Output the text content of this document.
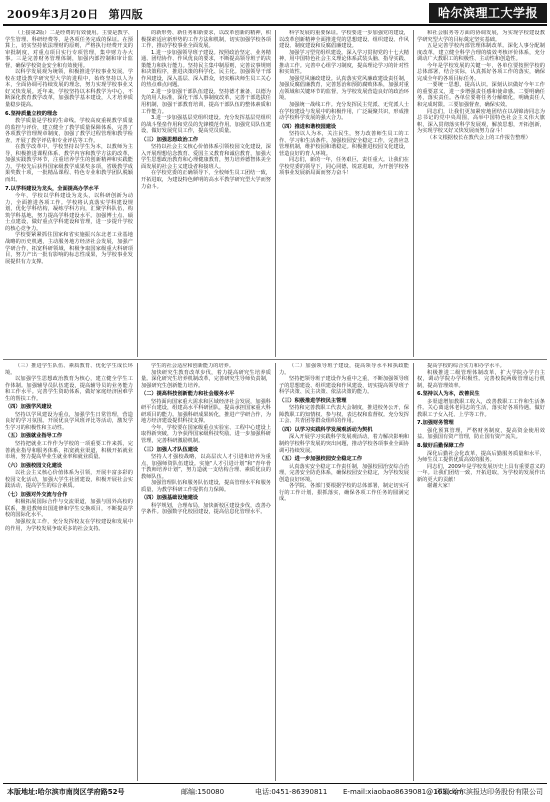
2009年3月20日 第四版	哈尔滨理工大学报

（上接第2版）二是经费的有效使用。主要是教学、学生管理、科研经费等，是各项任务完成的保证。在预算上，切实坚持依法理财的原则，严格执行经费开支的审批制度，对重点项目实行专项管理，集中财力办大事。三是完善财务管理体制，加强内部控制和审计监督，确保学校资金安全和有效使用。

以科学发展观为统领，积极推进学校事业发展。学校在建设教学研究型大学的进程中，始终坚持以人为本，全面协调可持续发展的理念，努力实现学校事业又好又快发展。近年来，学校坚持以本科教学为中心，不断深化教育教学改革，加强教学基本建设，人才培养质量稳步提高。

6.坚持质量立校的理念

教学质量是学校的生命线。学校高度重视教学质量的监控与评价，建立健全了教学质量保障体系，完善了各项教学管理规章制度，加强了教学过程管理和教学检查，开展了教学评估和专业评估等工作。

在教学改革中，学校坚持以学生为本，以教师为主导，积极推进课程体系、教学内容和教学方法的改革，加强实践教学环节，注重培养学生的创新精神和实践能力。学校先后获得国家级教学成果奖多项，省级教学成果奖数十项，一批精品课程、特色专业和教学团队脱颖而出。

7.以学科建设为龙头，全面提高办学水平

今年，学校以学科建设为龙头，以科研创新为动力，全面推进各项工作。学校将认真落实学科建设规划，优化学科结构，凝练学科方向，汇聚学科队伍，构筑学科基地，努力提高学科建设水平。加强博士点、硕士点建设，做好重点学科建设和管理，进一步提升学校的核心竞争力。

学校要紧紧抓住国家和省实施振兴东北老工业基地战略的历史机遇，主动服务地方经济社会发展，加强产学研合作，拓宽科研领域，积极争取国家级重大科研项目，努力产出一批有影响的标志性成果，为学校事业发展提供有力支撑。

的新形势、新任务和新要求，以改革创新的精神，积极探索适应新形势的工作方法和机制，切实加强学校各项工作，推动学校事业全面发展。

1.进一步加强领导班子建设。按照政治坚定、业务精通、团结协作、作风优良的要求，不断提高领导班子的决策能力和执行能力。坚持民主集中制原则，完善议事规则和决策程序，推进决策的科学化、民主化。加强领导干部作风建设，深入基层、深入群众，切实解决师生员工关心的热点难点问题。

2.进一步加强干部队伍建设。坚持德才兼备、以德为先的用人标准，深化干部人事制度改革，完善干部选拔任用机制，加强干部教育培训，提高干部队伍的整体素质和工作能力。

3.进一步加强基层党组织建设。充分发挥基层党组织的战斗堡垒作用和党员的先锋模范作用。加强党员队伍建设，做好发展党员工作，提高党员质量。

（三）加强思想政治工作

坚持以社会主义核心价值体系引领校园文化建设，深入开展理想信念教育、爱国主义教育和诚信教育，加强大学生思想政治教育和心理健康教育，努力培养德智体美全面发展的社会主义建设者和接班人。

在学校党委的正确领导下，全校师生员工团结一致，开拓进取，为建设特色鲜明的高水平教学研究型大学而努力奋斗。

科学发展的重要保证。学校要进一步加强党的建设，以改革创新精神全面推进党的思想建设、组织建设、作风建设、制度建设和反腐倡廉建设。

加强学习型党组织建设。深入学习贯彻党的十七大精神，用中国特色社会主义理论体系武装头脑、指导实践、推动工作。完善中心组学习制度，提高理论学习的针对性和实效性。

加强党风廉政建设。认真落实党风廉政建设责任制，加强反腐倡廉教育，完善惩治和预防腐败体系，加强对重点领域和关键环节的监督，为学校发展营造良好的政治环境。

加强统一战线工作。充分发挥民主党派、无党派人士在学校建设与发展中的积极作用，广泛凝聚共识，形成推动学校科学发展的强大合力。

（四）推进和谐校园建设

坚持以人为本，关注民生，努力改善师生员工的工作、学习和生活条件。加强校园安全稳定工作，完善应急管理机制，维护校园和谐稳定。积极推进校园文化建设，营造良好的育人环境。

同志们，新的一年，任务艰巨，责任重大。让我们在学校党委的领导下，同心同德，锐意进取，为开创学校各项事业发展新局面而努力奋斗！

和社会服务等方面的协调发展，为实现学校建设教学研究型大学的目标奠定坚实基础。

五是完善学校内部管理体制改革。深化人事分配制度改革，建立健全科学合理的绩效考核评价体系，充分调动广大教职工的积极性、主动性和创造性。

今年是学校发展的关键一年，各单位要按照学校的总体部署，结合实际，认真抓好各项工作的落实，确保完成全年的各项目标任务。

一要统一思想，提高认识。深刻认识做好今年工作的重要意义，进一步增强责任感和使命感。二要明确任务，落实责任。各单位要将任务分解细化，明确责任人和完成时限。三要加强督查，确保实效。

同志们，让我们更加紧密地团结在以胡锦涛同志为总书记的党中央周围，高举中国特色社会主义伟大旗帜，深入贯彻落实科学发展观，解放思想，开拓创新，为实现学校又好又快发展而努力奋斗！

（本文根据校长在教代会上的工作报告整理）

（三）推进学生队伍、素质教育、优化学生成长环境。

以加强学生思想政治教育为核心，建立健全学生工作体制。加强辅导员队伍建设，提高辅导员的业务能力和工作水平。完善学生资助体系，做好家庭经济困难学生的帮扶工作。

（四）加强学风建设

坚持以学风建设为重点，加强学生日常管理，营造良好的学习氛围。开展优良学风班评比等活动，激发学生学习的积极性和主动性。

（五）加强就业指导工作

坚持把就业工作作为学校的一项重要工作来抓，完善就业指导和服务体系，拓宽就业渠道，积极开拓就业市场，努力提高毕业生就业率和就业质量。

（六）加强校园文化建设

以社会主义核心价值体系为引领，开展丰富多彩的校园文化活动，加强大学生社团建设，积极开展社会实践活动，提高学生的综合素质。

（七）加强对外交流与合作

积极拓展国际合作与交流渠道，加强与国外高校的联系，推进教师出国进修和学生交换项目，不断提高学校的国际化水平。

加强校友工作，充分发挥校友在学校建设和发展中的作用，为学校发展争取更多的社会支持。

学生的社会适应和创新能力的培养。

加快研究生教育改革步伐，着力提高研究生培养质量。深化研究生培养机制改革，完善研究生导师负责制，加强研究生创新能力培养。

（二）提高科技创新能力和社会服务水平

坚持面向国家重大需求和区域经济社会发展，加强科研平台建设，组建高水平科研团队，提高承担国家重大科研项目的能力。加强科研成果转化，推进产学研合作，为地方经济建设提供科技支撑。

今年，学校要在国家级重点实验室、工程中心建设上取得新突破，力争获得国家级科技奖励。进一步加强科研管理，完善科研激励机制。

（三）加强人才队伍建设

坚持人才强校战略，以高层次人才引进和培养为重点，加强师资队伍建设。实施“人才引进计划”和“青年骨干教师培养计划”，努力造就一支结构合理、素质优良的教师队伍。

加强管理队伍和服务队伍建设，提高管理水平和服务质量，为教学科研工作提供有力保障。

（四）加强基础设施建设

科学规划，合理布局，加快新校区建设步伐，改善办学条件。加强数字化校园建设，提高信息化管理水平。

（二）加强领导班子建设，提高领导水平和执政能力。

坚持把领导班子建设作为重中之重，不断加强领导班子的思想建设、组织建设和作风建设，切实提高领导班子科学决策、民主决策、依法决策的能力。

（三）积极推进学校民主管理

坚持和完善教职工代表大会制度，推进校务公开，保障教职工的知情权、参与权、表达权和监督权。充分发挥工会、共青团等群众组织的作用。

（四）以学习实践科学发展观活动为契机

深入开展学习实践科学发展观活动，着力解决影响和制约学校科学发展的突出问题，推动学校各项事业全面协调可持续发展。

（五）进一步加强校园安全稳定工作

认真落实安全稳定工作责任制，加强校园治安综合治理，完善安全防范体系，确保校园安全稳定，为学校发展创造良好环境。

各学院、各部门要根据学校的总体部署，制定切实可行的工作计划，狠抓落实，确保各项工作任务的圆满完成。

提高学校的综合实力和办学水平。

积极推进二级管理体制改革，扩大学院办学自主权，调动学院办学积极性。完善校院两级管理运行机制，提高管理效率。

6.坚持以人为本，改善民生

多渠道增加教职工收入，改善教职工工作和生活条件。关心离退休老同志的生活，落实好各项待遇。做好教职工子女入托、上学等工作。

7.加强财务管理

强化预算管理，严格财务制度，提高资金使用效益。加强国有资产管理，防止国有资产流失。

8.做好后勤保障工作

深化后勤社会化改革，提高后勤服务质量和水平，为师生员工提供优质高效的服务。

同志们，2009年是学校发展历史上具有重要意义的一年。让我们团结一致，开拓进取，为学校的发展作出新的更大的贡献！

谢谢大家！

本版地址:哈尔滨市南岗区学府路52号	邮编:150080	电话:0451-86390811 E-mail:xiaobao8639081@163.com
印刷:哈尔滨报达印务股份有限公司
